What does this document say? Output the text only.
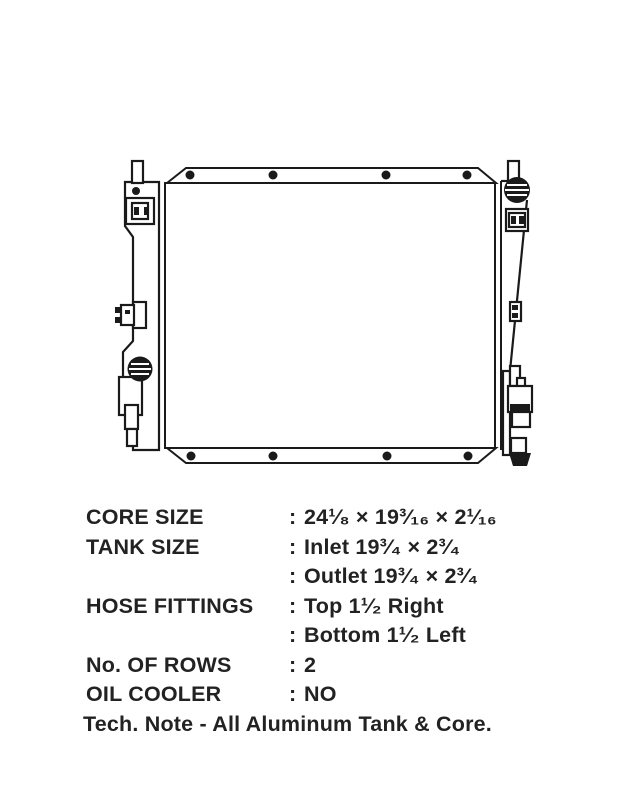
CORE SIZE	: 24¹⁄₈ × 19³⁄₁₆ × 2¹⁄₁₆
TANK SIZE	: Inlet 19³⁄₄ × 2³⁄₄
: Outlet 19³⁄₄ × 2³⁄₄
HOSE FITTINGS	: Top 1¹⁄₂ Right
: Bottom 1¹⁄₂ Left
No. OF ROWS	: 2
OIL COOLER	: NO
Tech. Note - All Aluminum Tank & Core.
